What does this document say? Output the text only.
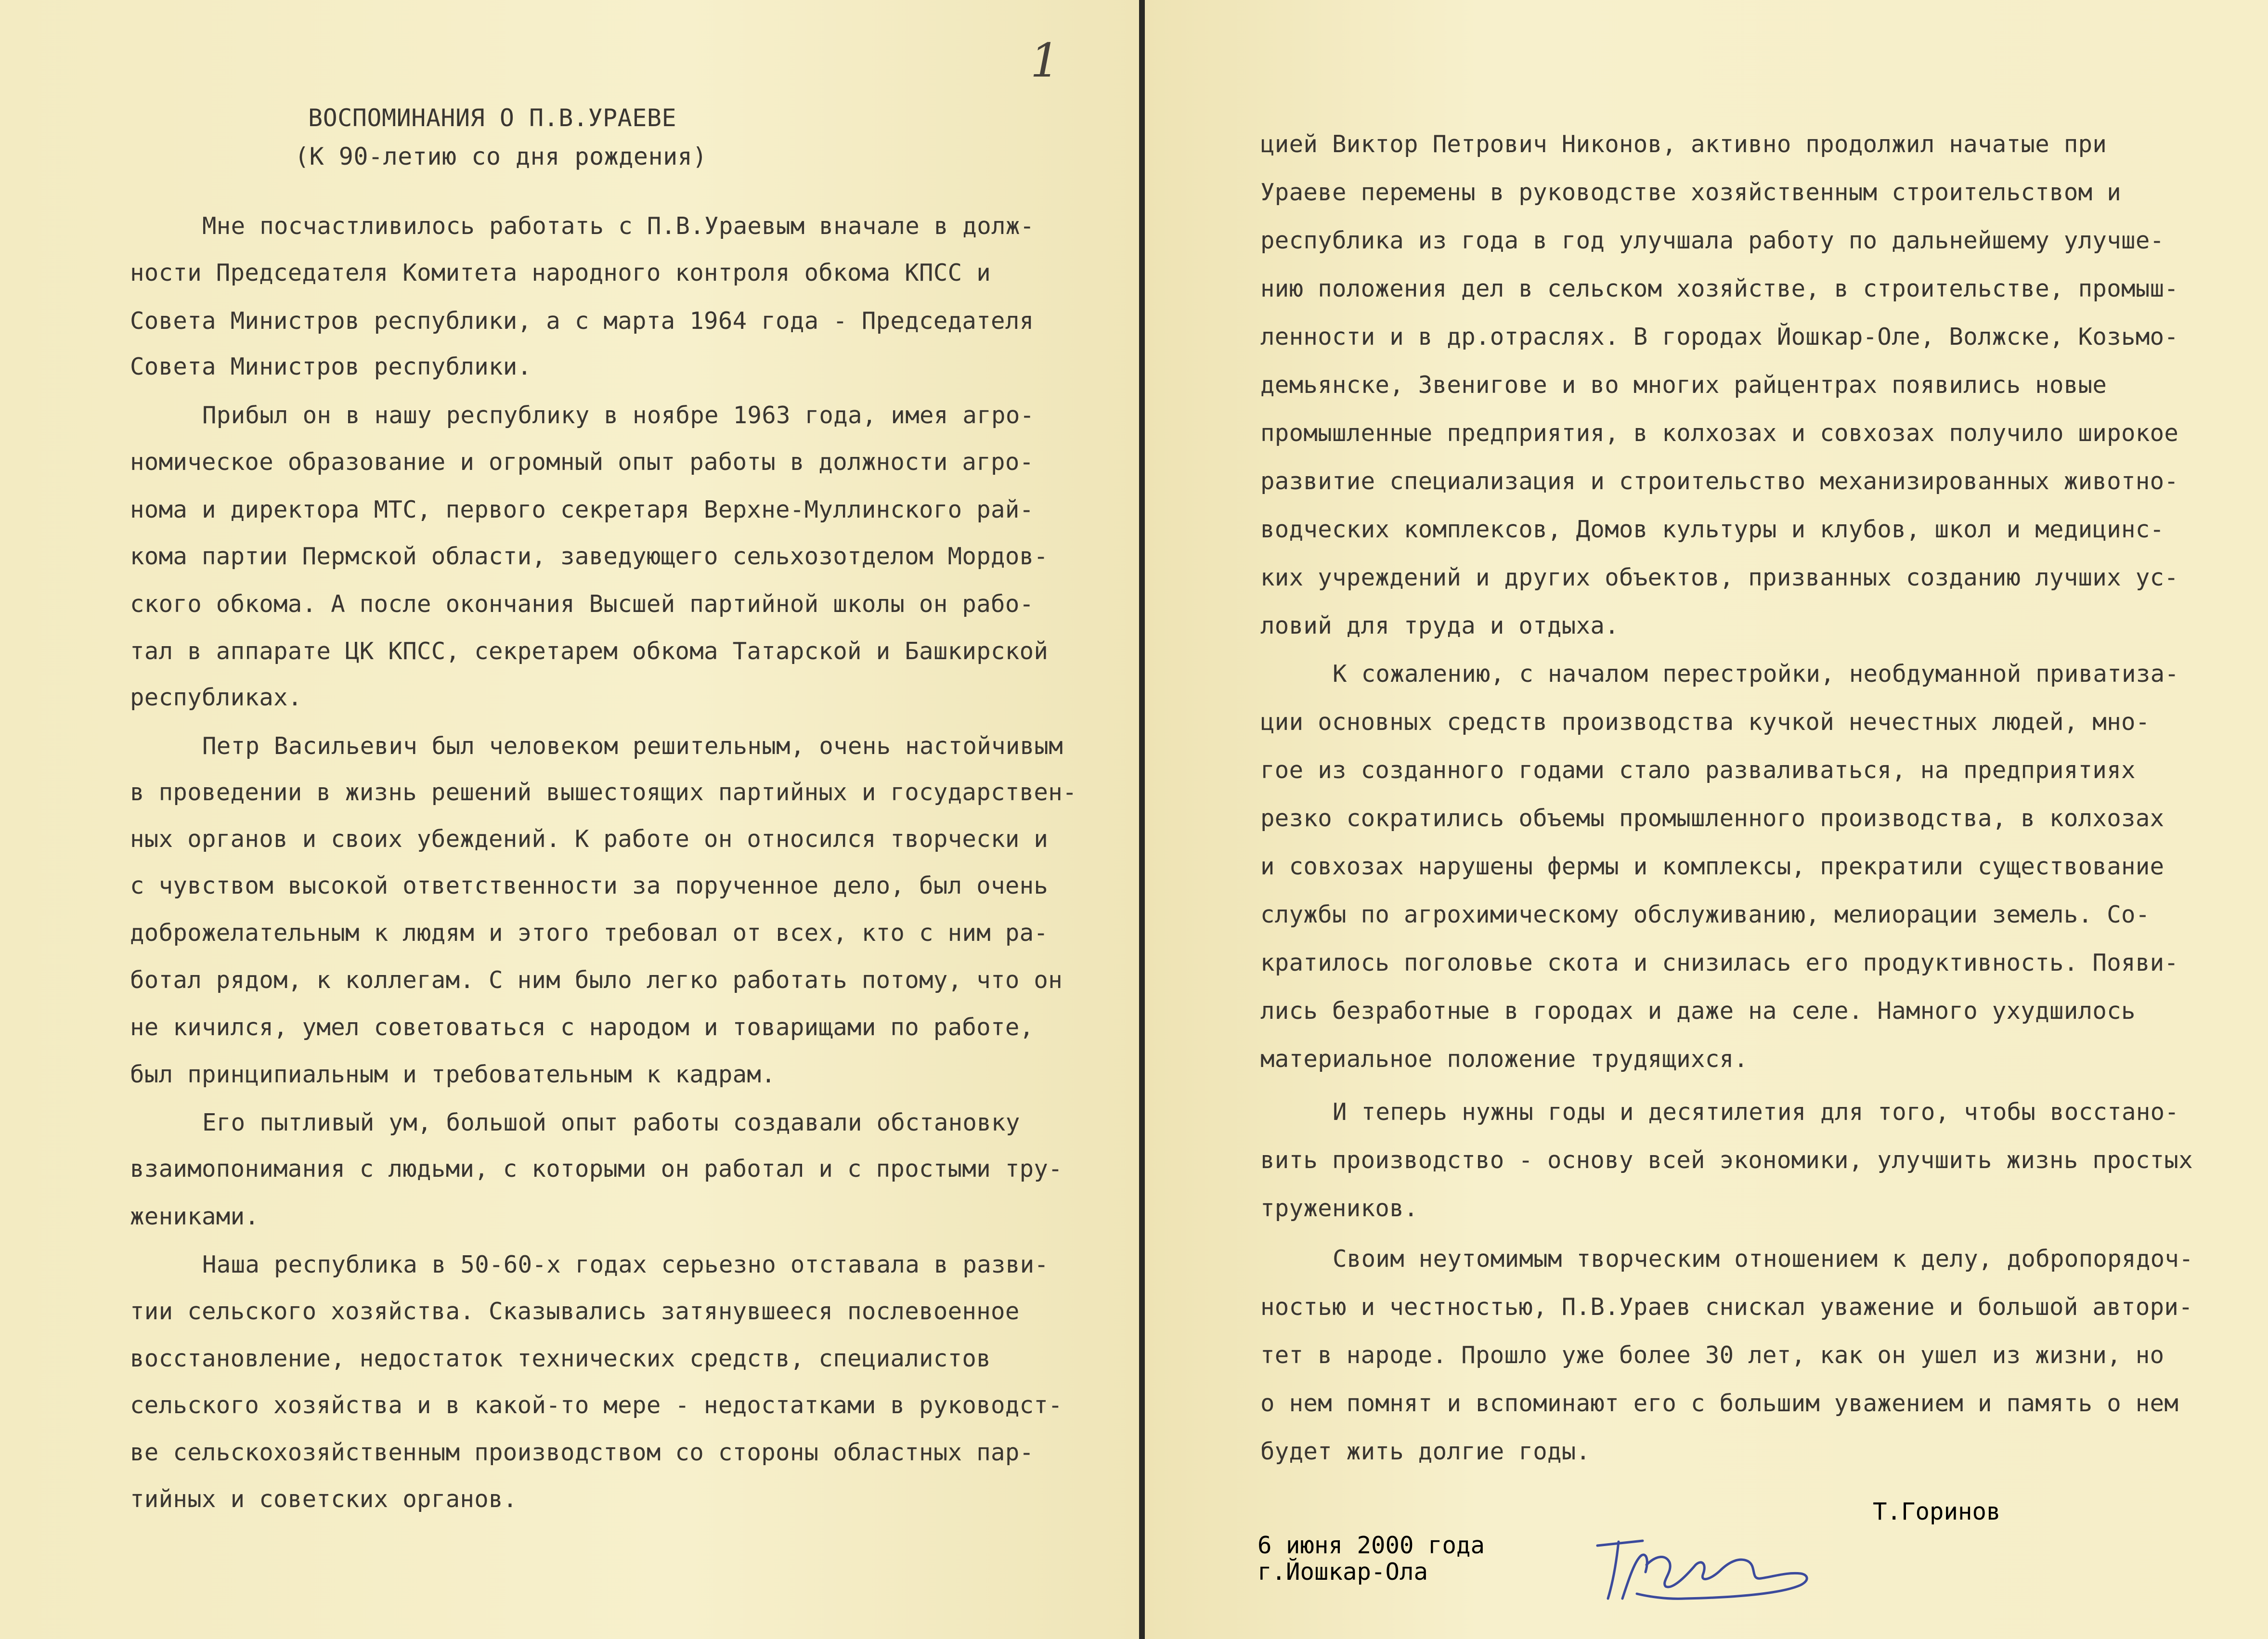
1
ВОСПОМИНАНИЯ О П.В.УРАЕВЕ
(К 90-летию со дня рождения)
Мне посчастливилось работать с П.В.Ураевым вначале в долж-
ности Председателя Комитета народного контроля обкома КПСС и
Совета Министров республики, а с марта 1964 года - Председателя
Совета Министров республики.
Прибыл он в нашу республику в ноябре 1963 года, имея агро-
номическое образование и огромный опыт работы в должности агро-
нома и директора МТС, первого секретаря Верхне-Муллинского рай-
кома партии Пермской области, заведующего сельхозотделом Мордов-
ского обкома. А после окончания Высшей партийной школы он рабо-
тал в аппарате ЦК КПСС, секретарем обкома Татарской и Башкирской
республиках.
Петр Васильевич был человеком решительным, очень настойчивым
в проведении в жизнь решений вышестоящих партийных и государствен-
ных органов и своих убеждений. К работе он относился творчески и
с чувством высокой ответственности за порученное дело, был очень
доброжелательным к людям и этого требовал от всех, кто с ним ра-
ботал рядом, к коллегам. С ним было легко работать потому, что он
не кичился, умел советоваться с народом и товарищами по работе,
был принципиальным и требовательным к кадрам.
Его пытливый ум, большой опыт работы создавали обстановку
взаимопонимания с людьми, с которыми он работал и с простыми тру-
жениками.
Наша республика в 50-60-х годах серьезно отставала в разви-
тии сельского хозяйства. Сказывались затянувшееся послевоенное
восстановление, недостаток технических средств, специалистов
сельского хозяйства и в какой-то мере - недостатками в руководст-
ве сельскохозяйственным производством со стороны областных пар-
тийных и советских органов.
цией Виктор Петрович Никонов, активно продолжил начатые при
Ураеве перемены в руководстве хозяйственным строительством и
республика из года в год улучшала работу по дальнейшему улучше-
нию положения дел в сельском хозяйстве, в строительстве, промыш-
ленности и в др.отраслях. В городах Йошкар-Оле, Волжске, Козьмо-
демьянске, Звенигове и во многих райцентрах появились новые
промышленные предприятия, в колхозах и совхозах получило широкое
развитие специализация и строительство механизированных животно-
водческих комплексов, Домов культуры и клубов, школ и медицинс-
ких учреждений и других объектов, призванных созданию лучших ус-
ловий для труда и отдыха.
К сожалению, с началом перестройки, необдуманной приватиза-
ции основных средств производства кучкой нечестных людей, мно-
гое из созданного годами стало разваливаться, на предприятиях
резко сократились объемы промышленного производства, в колхозах
и совхозах нарушены фермы и комплексы, прекратили существование
службы по агрохимическому обслуживанию, мелиорации земель. Со-
кратилось поголовье скота и снизилась его продуктивность. Появи-
лись безработные в городах и даже на селе. Намного ухудшилось
материальное положение трудящихся.
И теперь нужны годы и десятилетия для того, чтобы восстано-
вить производство - основу всей экономики, улучшить жизнь простых
тружеников.
Своим неутомимым творческим отношением к делу, добропорядоч-
ностью и честностью, П.В.Ураев снискал уважение и большой автори-
тет в народе. Прошло уже более 30 лет, как он ушел из жизни, но
о нем помнят и вспоминают его с большим уважением и память о нем
будет жить долгие годы.
Т.Горинов
6 июня 2000 года
г.Йошкар-Ола
